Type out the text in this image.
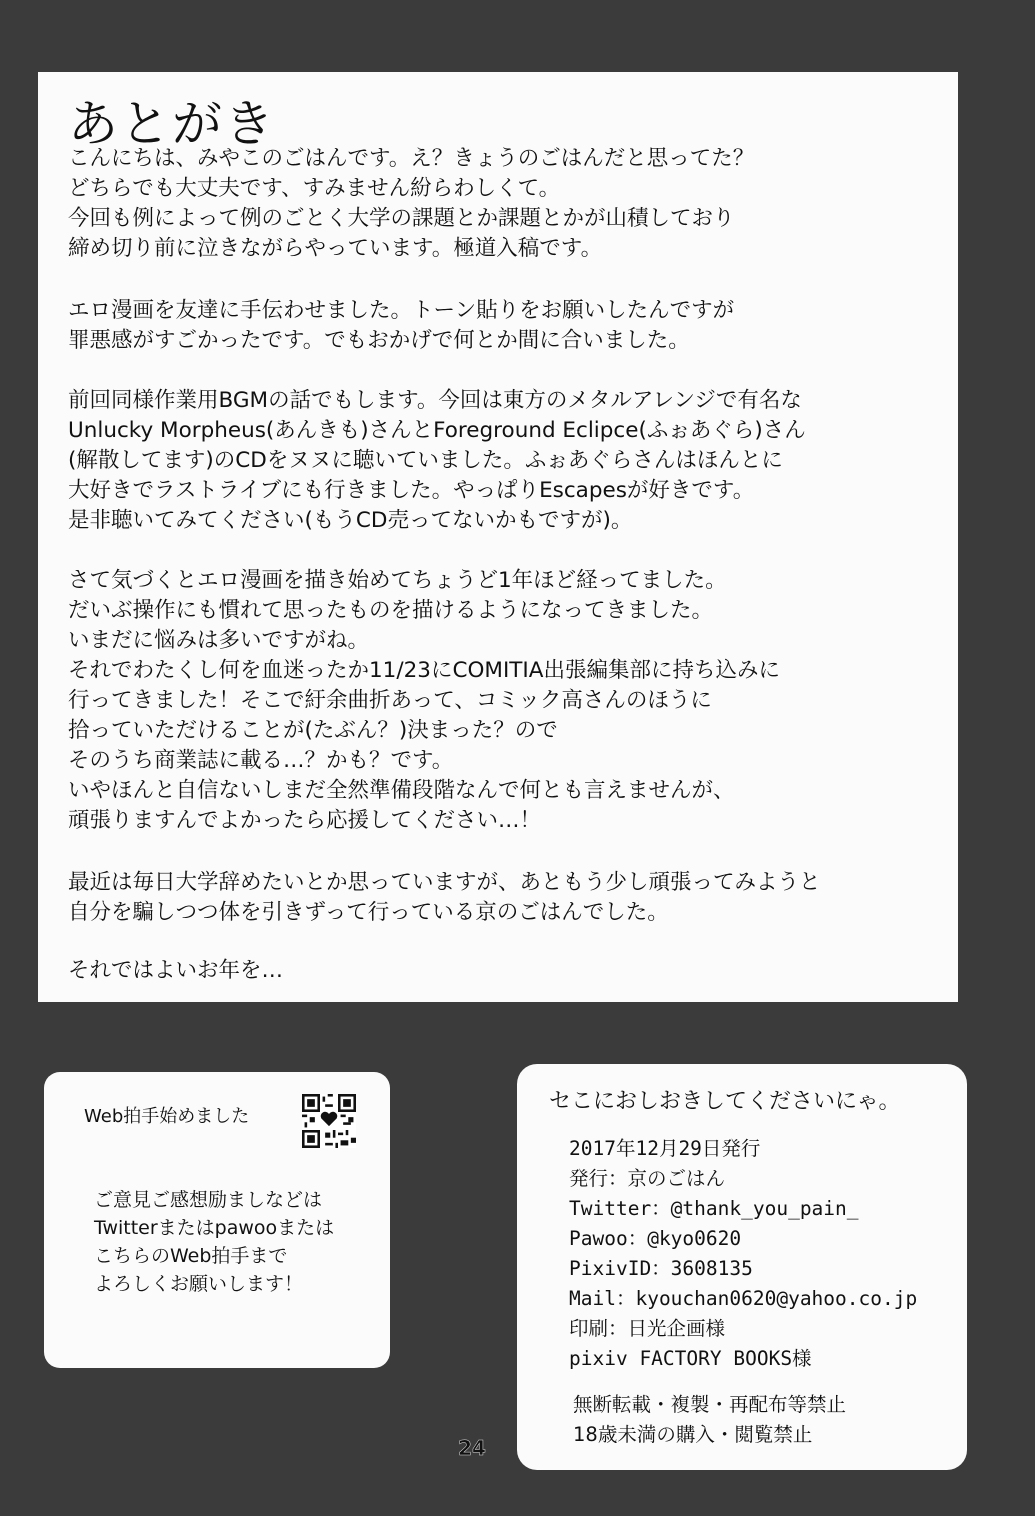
あとがき
こんにちは、みやこのごはんです。え？きょうのごはんだと思ってた？
どちらでも大丈夫です、すみません紛らわしくて。
今回も例によって例のごとく大学の課題とか課題とかが山積しており
締め切り前に泣きながらやっています。極道入稿です。
エロ漫画を友達に手伝わせました。トーン貼りをお願いしたんですが
罪悪感がすごかったです。でもおかげで何とか間に合いました。
前回同様作業用BGMの話でもします。今回は東方のメタルアレンジで有名な
Unlucky Morpheus(あんきも)さんとForeground Eclipce(ふぉあぐら)さん
(解散してます)のCDをヌヌに聴いていました。ふぉあぐらさんはほんとに
大好きでラストライブにも行きました。やっぱりEscapesが好きです。
是非聴いてみてください(もうCD売ってないかもですが)。
さて気づくとエロ漫画を描き始めてちょうど1年ほど経ってました。
だいぶ操作にも慣れて思ったものを描けるようになってきました。
いまだに悩みは多いですがね。
それでわたくし何を血迷ったか11/23にCOMITIA出張編集部に持ち込みに
行ってきました！そこで紆余曲折あって、コミック高さんのほうに
拾っていただけることが(たぶん？)決まった？ので
そのうち商業誌に載る…？かも？です。
いやほんと自信ないしまだ全然準備段階なんで何とも言えませんが、
頑張りますんでよかったら応援してください…！
最近は毎日大学辞めたいとか思っていますが、あともう少し頑張ってみようと
自分を騙しつつ体を引きずって行っている京のごはんでした。
それではよいお年を…
Web拍手始めました
ご意見ご感想励ましなどは
Twitterまたはpawooまたは
こちらのWeb拍手まで
よろしくお願いします！
セこにおしおきしてくださいにゃ。
2017年12月29日発行
発行：京のごはん
Twitter：@thank_you_pain_
Pawoo：@kyo0620
PixivID：3608135
Mail：kyouchan0620@yahoo.co.jp
印刷：日光企画様
pixiv FACTORY BOOKS様
無断転載・複製・再配布等禁止
18歳未満の購入・閲覧禁止
24
